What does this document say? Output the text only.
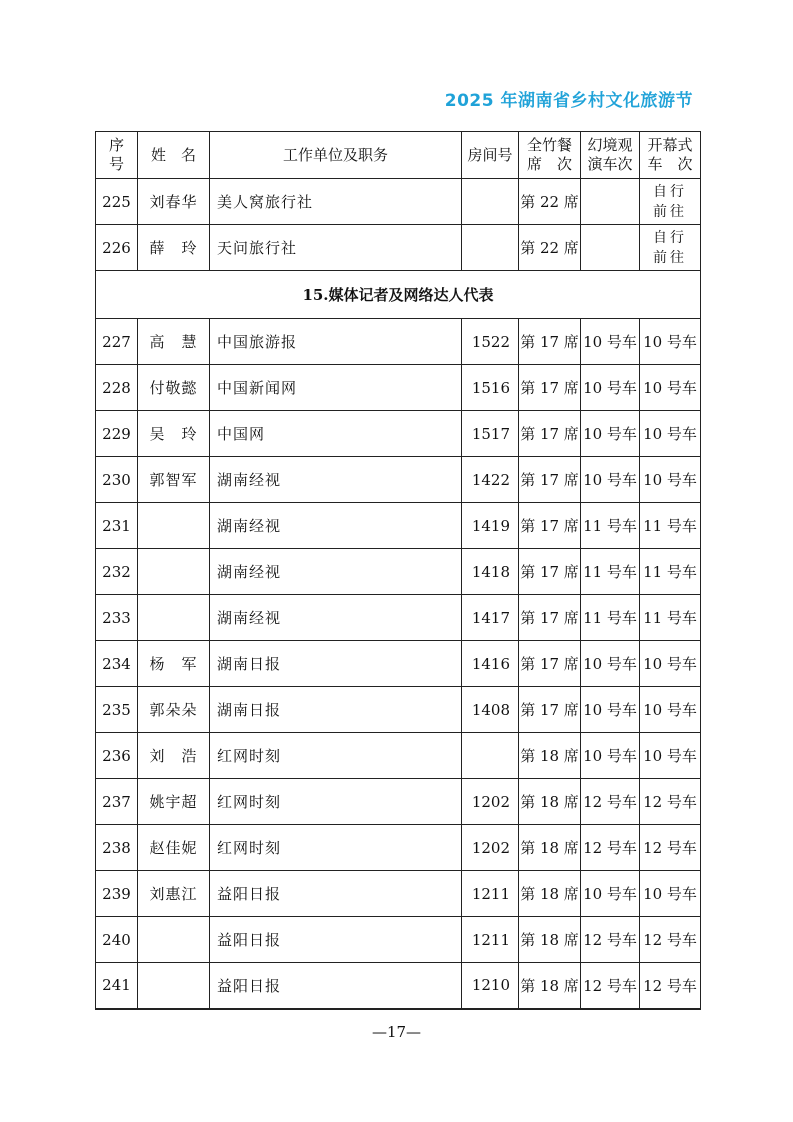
2025 年湖南省乡村文化旅游节
序
号	姓　名	工作单位及职务	房间号	全竹餐
席　次	幻境观
演车次	开幕式
车　次

225	刘春华	美人窝旅行社		第 22 席		自行
前往
226	薛　玲	天问旅行社		第 22 席		自行
前往
15.媒体记者及网络达人代表						
227	高　慧	中国旅游报	1522	第 17 席	10 号车	10 号车
228	付敬懿	中国新闻网	1516	第 17 席	10 号车	10 号车
229	吴　玲	中国网	1517	第 17 席	10 号车	10 号车
230	郭智军	湖南经视	1422	第 17 席	10 号车	10 号车
231		湖南经视	1419	第 17 席	11 号车	11 号车
232		湖南经视	1418	第 17 席	11 号车	11 号车
233		湖南经视	1417	第 17 席	11 号车	11 号车
234	杨　军	湖南日报	1416	第 17 席	10 号车	10 号车
235	郭朵朵	湖南日报	1408	第 17 席	10 号车	10 号车
236	刘　浩	红网时刻		第 18 席	10 号车	10 号车
237	姚宇超	红网时刻	1202	第 18 席	12 号车	12 号车
238	赵佳妮	红网时刻	1202	第 18 席	12 号车	12 号车
239	刘惠江	益阳日报	1211	第 18 席	10 号车	10 号车
240		益阳日报	1211	第 18 席	12 号车	12 号车
241		益阳日报	1210	第 18 席	12 号车	12 号车
—17—
